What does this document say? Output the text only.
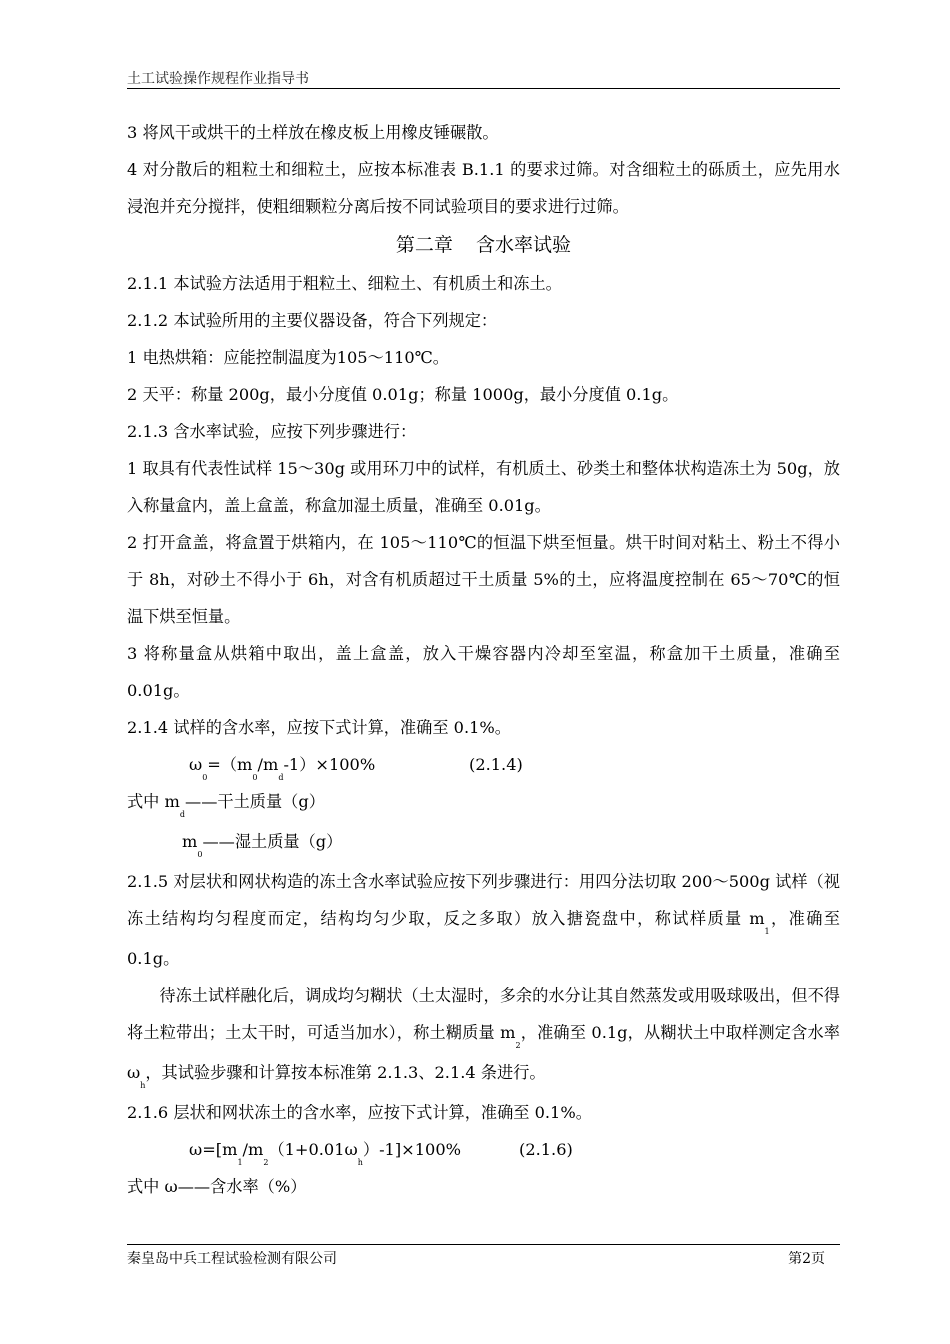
土工试验操作规程作业指导书

3 将风干或烘干的土样放在橡皮板上用橡皮锤碾散。

4 对分散后的粗粒土和细粒土，应按本标准表 B.1.1 的要求过筛。对含细粒土的砾质土，应先用水浸泡并充分搅拌，使粗细颗粒分离后按不同试验项目的要求进行过筛。

第二章 含水率试验

2.1.1 本试验方法适用于粗粒土、细粒土、有机质土和冻土。

2.1.2 本试验所用的主要仪器设备，符合下列规定：

1 电热烘箱：应能控制温度为105～110℃。

2 天平：称量 200g，最小分度值 0.01g；称量 1000g，最小分度值 0.1g。

2.1.3 含水率试验，应按下列步骤进行：

1 取具有代表性试样 15～30g 或用环刀中的试样，有机质土、砂类土和整体状构造冻土为 50g，放入称量盒内，盖上盒盖，称盒加湿土质量，准确至 0.01g。

2 打开盒盖，将盒置于烘箱内，在 105～110℃的恒温下烘至恒量。烘干时间对粘土、粉土不得小于 8h，对砂土不得小于 6h，对含有机质超过干土质量 5%的土，应将温度控制在 65～70℃的恒温下烘至恒量。

3 将称量盒从烘箱中取出，盖上盒盖，放入干燥容器内冷却至室温，称盒加干土质量，准确至 0.01g。

2.1.4 试样的含水率，应按下式计算，准确至 0.1%。

$\omega_0=(m_0/m_d-1)\times 100\%$	(2.1.4)

式中 $m_d——$干土质量（g）

$m_0——$湿土质量（g）

2.1.5 对层状和网状构造的冻土含水率试验应按下列步骤进行：用四分法切取 200～500g 试样（视冻土结构均匀程度而定，结构均匀少取，反之多取）放入搪瓷盘中，称试样质量 $m_1$，准确至 0.1g。

待冻土试样融化后，调成均匀糊状（土太湿时，多余的水分让其自然蒸发或用吸球吸出，但不得将土粒带出；土太干时，可适当加水），称土糊质量 $m_2$，准确至 0.1g，从糊状土中取样测定含水率 $\omega_h$，其试验步骤和计算按本标准第 2.1.3、2.1.4 条进行。

2.1.6 层状和网状冻土的含水率，应按下式计算，准确至 0.1%。

$\omega=[m_1/m_2(1+0.01\omega_h)-1]\times 100\%$	(2.1.6)

式中 ω——含水率（%）

秦皇岛中兵工程试验检测有限公司	第2页
